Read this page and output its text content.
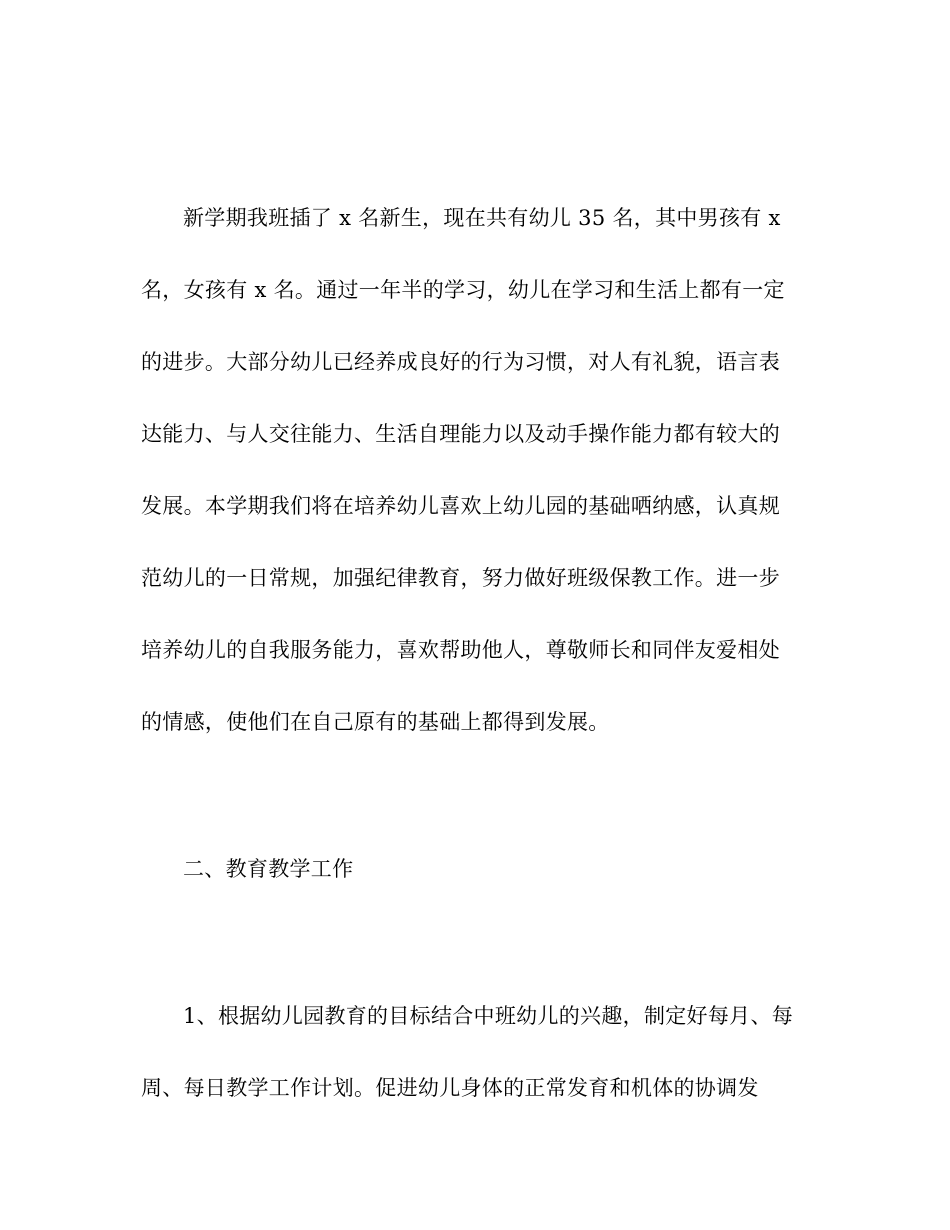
新学期我班插了 x 名新生，现在共有幼儿 35 名，其中男孩有 x
名，女孩有 x 名。通过一年半的学习，幼儿在学习和生活上都有一定
的进步。大部分幼儿已经养成良好的行为习惯，对人有礼貌，语言表
达能力、与人交往能力、生活自理能力以及动手操作能力都有较大的
发展。本学期我们将在培养幼儿喜欢上幼儿园的基础哂纳感，认真规
范幼儿的一日常规，加强纪律教育，努力做好班级保教工作。进一步
培养幼儿的自我服务能力，喜欢帮助他人，尊敬师长和同伴友爱相处
的情感，使他们在自己原有的基础上都得到发展。
二、教育教学工作
1、根据幼儿园教育的目标结合中班幼儿的兴趣，制定好每月、每
周、每日教学工作计划。促进幼儿身体的正常发育和机体的协调发
